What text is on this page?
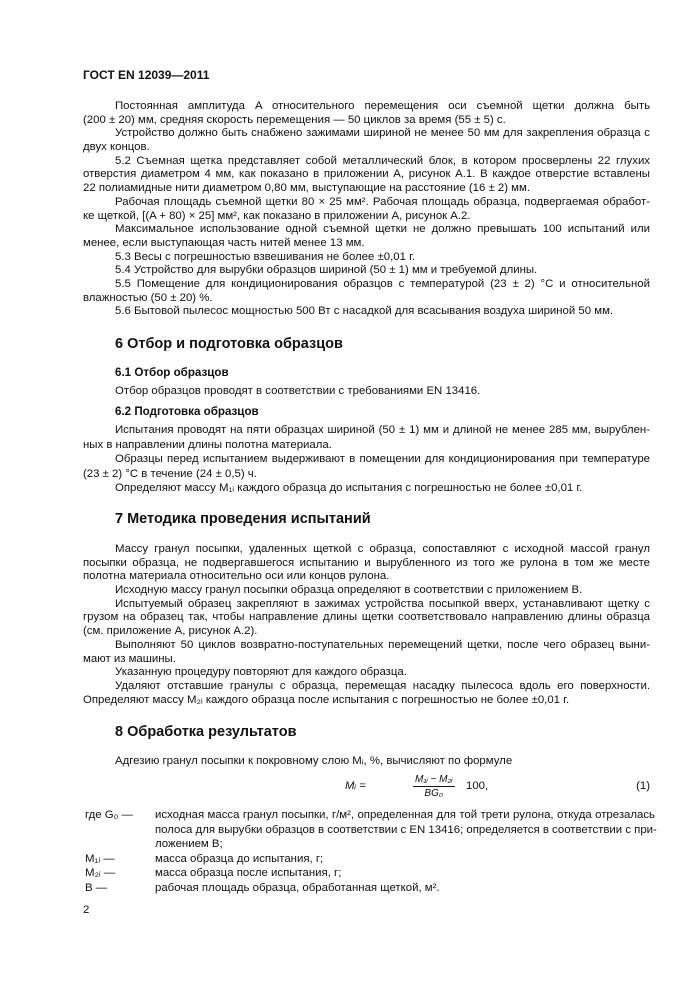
ГОСТ EN 12039—2011
Постоянная амплитуда A относительного перемещения оси съемной щетки должна быть
(200 ± 20) мм, средняя скорость перемещения — 50 циклов за время (55 ± 5) с.
Устройство должно быть снабжено зажимами шириной не менее 50 мм для закрепления образца с
двух концов.
5.2 Съемная щетка представляет собой металлический блок, в котором просверлены 22 глухих
отверстия диаметром 4 мм, как показано в приложении А, рисунок А.1. В каждое отверстие вставлены
22 полиамидные нити диаметром 0,80 мм, выступающие на расстояние (16 ± 2) мм.
Рабочая площадь съемной щетки 80 × 25 мм². Рабочая площадь образца, подвергаемая обработ-
ке щеткой, [(A + 80) × 25] мм², как показано в приложении А, рисунок А.2.
Максимальное использование одной съемной щетки не должно превышать 100 испытаний или
менее, если выступающая часть нитей менее 13 мм.
5.3 Весы с погрешностью взвешивания не более ±0,01 г.
5.4 Устройство для вырубки образцов шириной (50 ± 1) мм и требуемой длины.
5.5 Помещение для кондиционирования образцов с температурой (23 ± 2) °С и относительной
влажностью (50 ± 20) %.
5.6 Бытовой пылесос мощностью 500 Вт с насадкой для всасывания воздуха шириной 50 мм.
6 Отбор и подготовка образцов
6.1 Отбор образцов
Отбор образцов проводят в соответствии с требованиями EN 13416.
6.2 Подготовка образцов
Испытания проводят на пяти образцах шириной (50 ± 1) мм и длиной не менее 285 мм, вырублен-
ных в направлении длины полотна материала.
Образцы перед испытанием выдерживают в помещении для кондиционирования при температуре
(23 ± 2) °С в течение (24 ± 0,5) ч.
Определяют массу M₁ᵢ каждого образца до испытания с погрешностью не более ±0,01 г.
7 Методика проведения испытаний
Массу гранул посыпки, удаленных щеткой с образца, сопоставляют с исходной массой гранул
посыпки образца, не подвергавшегося испытанию и вырубленного из того же рулона в том же месте
полотна материала относительно оси или концов рулона.
Исходную массу гранул посыпки образца определяют в соответствии с приложением В.
Испытуемый образец закрепляют в зажимах устройства посыпкой вверх, устанавливают щетку с
грузом на образец так, чтобы направление длины щетки соответствовало направлению длины образца
(см. приложение А, рисунок А.2).
Выполняют 50 циклов возвратно-поступательных перемещений щетки, после чего образец выни-
мают из машины.
Указанную процедуру повторяют для каждого образца.
Удаляют отставшие гранулы с образца, перемещая насадку пылесоса вдоль его поверхности.
Определяют массу M₂ᵢ каждого образца после испытания с погрешностью не более ±0,01 г.
8 Обработка результатов
Адгезию гранул посыпки к покровному слою Mᵢ, %, вычисляют по формуле
Mᵢ =	$\frac{\text{M₁ᵢ − M₂ᵢ}}{\text{BG₀}} 100$,	(1)
где G₀ —	исходная масса гранул посыпки, г/м², определенная для той трети рулона, откуда отрезалась
полоса для вырубки образцов в соответствии с EN 13416; определяется в соответствии с при-
ложением В;
M₁ᵢ —	масса образца до испытания, г;
M₂ᵢ —	масса образца после испытания, г;
B —	рабочая площадь образца, обработанная щеткой, м².
2
